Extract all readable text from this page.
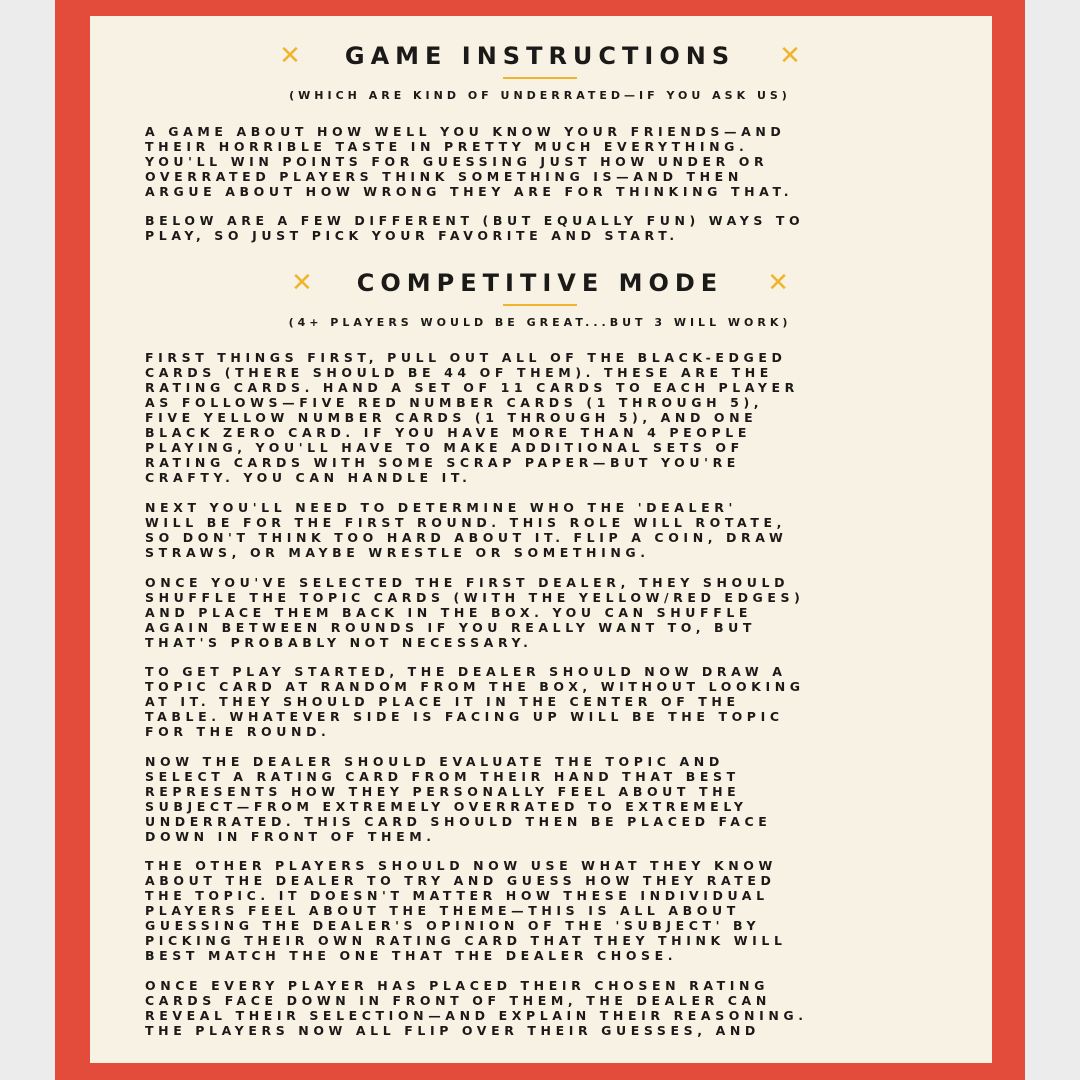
✕ GAME INSTRUCTIONS ✕
(WHICH ARE KIND OF UNDERRATED—IF YOU ASK US)

A GAME ABOUT HOW WELL YOU KNOW YOUR FRIENDS—AND
THEIR HORRIBLE TASTE IN PRETTY MUCH EVERYTHING.
YOU'LL WIN POINTS FOR GUESSING JUST HOW UNDER OR
OVERRATED PLAYERS THINK SOMETHING IS—AND THEN
ARGUE ABOUT HOW WRONG THEY ARE FOR THINKING THAT.

BELOW ARE A FEW DIFFERENT (BUT EQUALLY FUN) WAYS TO
PLAY, SO JUST PICK YOUR FAVORITE AND START.

✕ COMPETITIVE MODE ✕
(4+ PLAYERS WOULD BE GREAT...BUT 3 WILL WORK)

FIRST THINGS FIRST, PULL OUT ALL OF THE BLACK-EDGED
CARDS (THERE SHOULD BE 44 OF THEM). THESE ARE THE
RATING CARDS. HAND A SET OF 11 CARDS TO EACH PLAYER
AS FOLLOWS—FIVE RED NUMBER CARDS (1 THROUGH 5),
FIVE YELLOW NUMBER CARDS (1 THROUGH 5), AND ONE
BLACK ZERO CARD. IF YOU HAVE MORE THAN 4 PEOPLE
PLAYING, YOU'LL HAVE TO MAKE ADDITIONAL SETS OF
RATING CARDS WITH SOME SCRAP PAPER—BUT YOU'RE
CRAFTY. YOU CAN HANDLE IT.

NEXT YOU'LL NEED TO DETERMINE WHO THE 'DEALER'
WILL BE FOR THE FIRST ROUND. THIS ROLE WILL ROTATE,
SO DON'T THINK TOO HARD ABOUT IT. FLIP A COIN, DRAW
STRAWS, OR MAYBE WRESTLE OR SOMETHING.

ONCE YOU'VE SELECTED THE FIRST DEALER, THEY SHOULD
SHUFFLE THE TOPIC CARDS (WITH THE YELLOW/RED EDGES)
AND PLACE THEM BACK IN THE BOX. YOU CAN SHUFFLE
AGAIN BETWEEN ROUNDS IF YOU REALLY WANT TO, BUT
THAT'S PROBABLY NOT NECESSARY.

TO GET PLAY STARTED, THE DEALER SHOULD NOW DRAW A
TOPIC CARD AT RANDOM FROM THE BOX, WITHOUT LOOKING
AT IT. THEY SHOULD PLACE IT IN THE CENTER OF THE
TABLE. WHATEVER SIDE IS FACING UP WILL BE THE TOPIC
FOR THE ROUND.

NOW THE DEALER SHOULD EVALUATE THE TOPIC AND
SELECT A RATING CARD FROM THEIR HAND THAT BEST
REPRESENTS HOW THEY PERSONALLY FEEL ABOUT THE
SUBJECT—FROM EXTREMELY OVERRATED TO EXTREMELY
UNDERRATED. THIS CARD SHOULD THEN BE PLACED FACE
DOWN IN FRONT OF THEM.

THE OTHER PLAYERS SHOULD NOW USE WHAT THEY KNOW
ABOUT THE DEALER TO TRY AND GUESS HOW THEY RATED
THE TOPIC. IT DOESN'T MATTER HOW THESE INDIVIDUAL
PLAYERS FEEL ABOUT THE THEME—THIS IS ALL ABOUT
GUESSING THE DEALER'S OPINION OF THE 'SUBJECT' BY
PICKING THEIR OWN RATING CARD THAT THEY THINK WILL
BEST MATCH THE ONE THAT THE DEALER CHOSE.

ONCE EVERY PLAYER HAS PLACED THEIR CHOSEN RATING
CARDS FACE DOWN IN FRONT OF THEM, THE DEALER CAN
REVEAL THEIR SELECTION—AND EXPLAIN THEIR REASONING.
THE PLAYERS NOW ALL FLIP OVER THEIR GUESSES, AND
